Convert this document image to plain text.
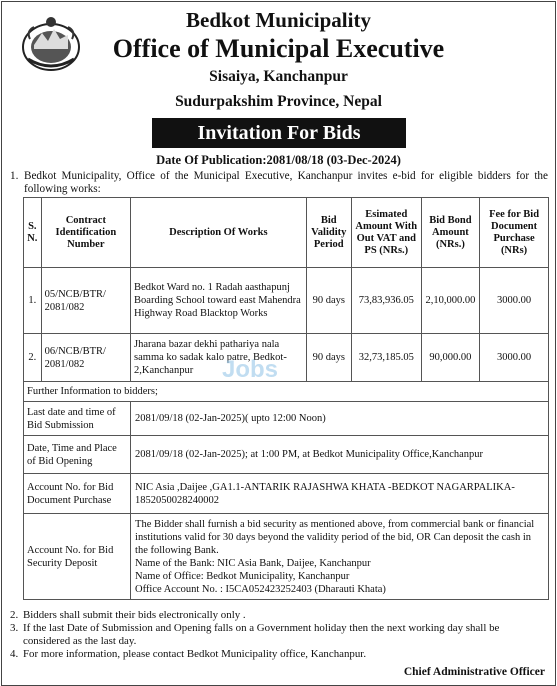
Bedkot Municipality
Office of Municipal Executive
Sisaiya, Kanchanpur
Sudurpakshim Province, Nepal
Invitation For Bids
Date Of Publication:2081/08/18 (03-Dec-2024)
1. Bedkot Municipality, Office of the Municipal Executive, Kanchanpur invites e-bid for eligible bidders for the following works:
S. N.	Contract Identification Number	Description Of Works	Bid Validity Period	Esimated Amount With Out VAT and PS (NRs.)	Bid Bond Amount (NRs.)	Fee for Bid Document Purchase (NRs)
1.	05/NCB/BTR/ 2081/082	Bedkot Ward no. 1 Radah aasthapunj Boarding School toward east Mahendra Highway Road Blacktop Works	90 days	73,83,936.05	2,10,000.00	3000.00
2.	06/NCB/BTR/ 2081/082	Jharana bazar dekhi pathariya nala samma ko sadak kalo patre, Bedkot-2,Kanchanpur	90 days	32,73,185.05	90,000.00	3000.00
Further Information to bidders;						
Last date and time of Bid Submission		2081/09/18 (02-Jan-2025)( upto 12:00 Noon)				
Date, Time and Place of Bid Opening		2081/09/18 (02-Jan-2025); at 1:00 PM, at Bedkot Municipality Office,Kanchanpur				
Account No. for Bid Document Purchase		NIC Asia ,Daijee ,GA1.1-ANTARIK RAJASHWA KHATA -BEDKOT NAGARPALIKA-1852050028240002				
Account No. for Bid Security Deposit		The Bidder shall furnish a bid security as mentioned above, from commercial bank or financial institutions valid for 30 days beyond the validity period of the bid, OR Can deposit the cash in the following Bank.
Name of the Bank: NIC Asia Bank, Daijee, Kanchanpur
Name of Office: Bedkot Municipality, Kanchanpur
Office Account No. : I5CA052423252403 (Dharauti Khata)				
Jobs
2. Bidders shall submit their bids electronically only .
3. If the last Date of Submission and Opening falls on a Government holiday then the next working day shall be considered as the last day.
4. For more information, please contact Bedkot Municipality office, Kanchanpur.
Chief Administrative Officer
